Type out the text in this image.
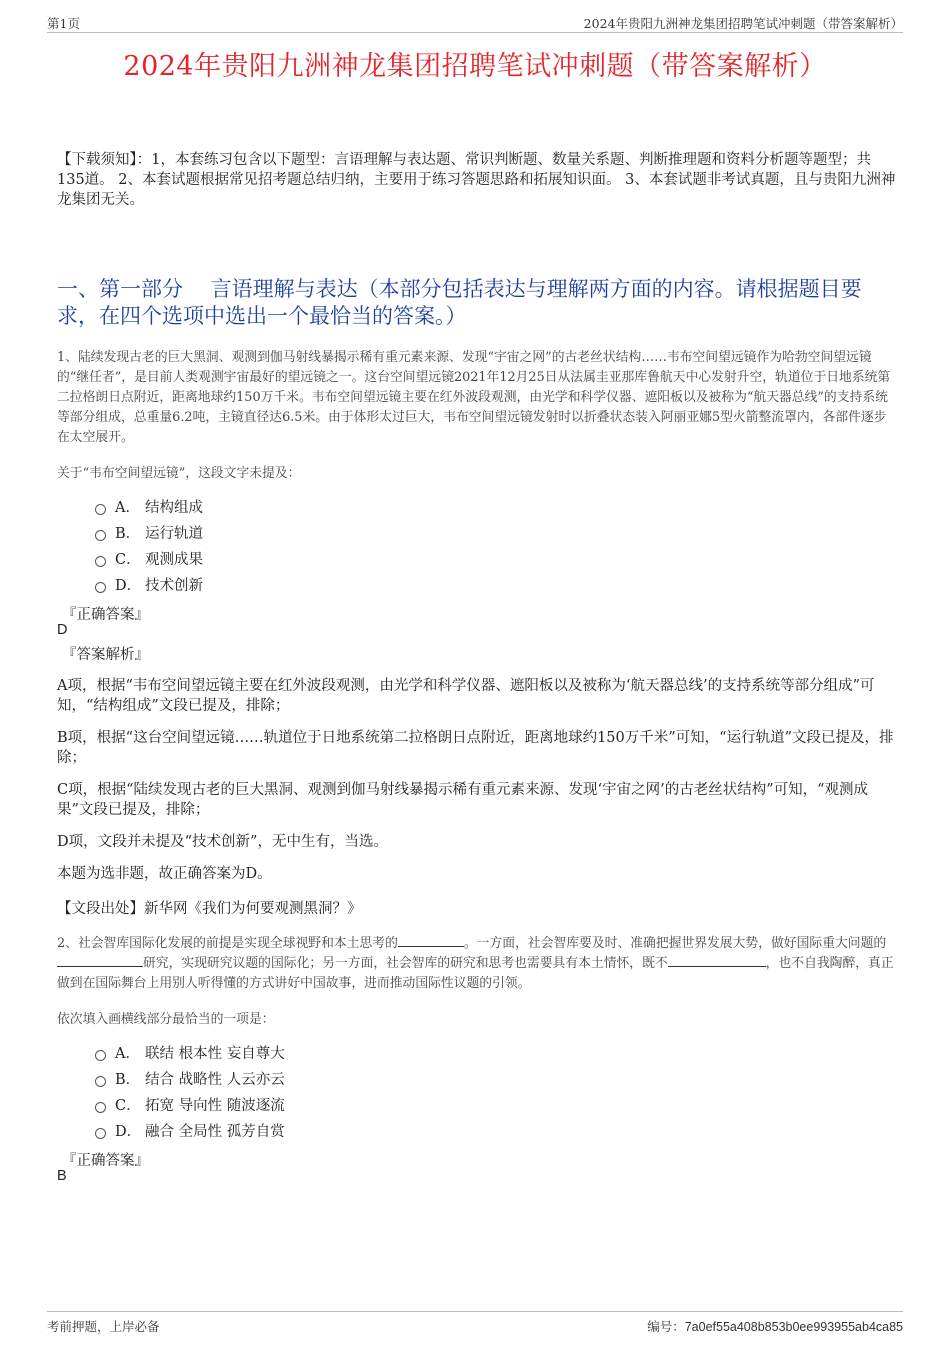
第1页	2024年贵阳九洲神龙集团招聘笔试冲刺题（带答案解析）
2024年贵阳九洲神龙集团招聘笔试冲刺题（带答案解析）
【下载须知】：1，本套练习包含以下题型：言语理解与表达题、常识判断题、数量关系题、判断推理题和资料分析题等题型；共135道。 2、本套试题根据常见招考题总结归纳，主要用于练习答题思路和拓展知识面。 3、本套试题非考试真题，且与贵阳九洲神龙集团无关。
一、第一部分　 言语理解与表达（本部分包括表达与理解两方面的内容。请根据题目要求，在四个选项中选出一个最恰当的答案。）
1、陆续发现古老的巨大黑洞、观测到伽马射线暴揭示稀有重元素来源、发现“宇宙之网”的古老丝状结构……韦布空间望远镜作为哈勃空间望远镜的“继任者”，是目前人类观测宇宙最好的望远镜之一。这台空间望远镜2021年12月25日从法属圭亚那库鲁航天中心发射升空，轨道位于日地系统第二拉格朗日点附近，距离地球约150万千米。韦布空间望远镜主要在红外波段观测，由光学和科学仪器、遮阳板以及被称为“航天器总线”的支持系统等部分组成，总重量6.2吨，主镜直径达6.5米。由于体形太过巨大，韦布空间望远镜发射时以折叠状态装入阿丽亚娜5型火箭整流罩内，各部件逐步在太空展开。
关于“韦布空间望远镜”，这段文字未提及：
A． 结构组成
B． 运行轨道
C． 观测成果
D． 技术创新
『正确答案』
D
『答案解析』
A项，根据“韦布空间望远镜主要在红外波段观测，由光学和科学仪器、遮阳板以及被称为‘航天器总线’的支持系统等部分组成”可知，“结构组成”文段已提及，排除；
B项，根据“这台空间望远镜……轨道位于日地系统第二拉格朗日点附近，距离地球约150万千米”可知，“运行轨道”文段已提及，排除；
C项，根据“陆续发现古老的巨大黑洞、观测到伽马射线暴揭示稀有重元素来源、发现‘宇宙之网’的古老丝状结构”可知，“观测成果”文段已提及，排除；
D项，文段并未提及“技术创新”，无中生有，当选。
本题为选非题，故正确答案为D。
【文段出处】新华网《我们为何要观测黑洞？》
2、社会智库国际化发展的前提是实现全球视野和本土思考的	。一方面，社会智库要及时、准确把握世界发展大势，做好国际重大问题的研究，实现研究议题的国际化；另一方面，社会智库的研究和思考也需要具有本土情怀，既不	，也不自我陶醉，真正做到在国际舞台上用别人听得懂的方式讲好中国故事，进而推动国际性议题的引领。
依次填入画横线部分最恰当的一项是：
A． 联结 根本性 妄自尊大
B． 结合 战略性 人云亦云
C． 拓宽 导向性 随波逐流
D． 融合 全局性 孤芳自赏
『正确答案』
B
考前押题，上岸必备	编号：7a0ef55a408b853b0ee993955ab4ca85
